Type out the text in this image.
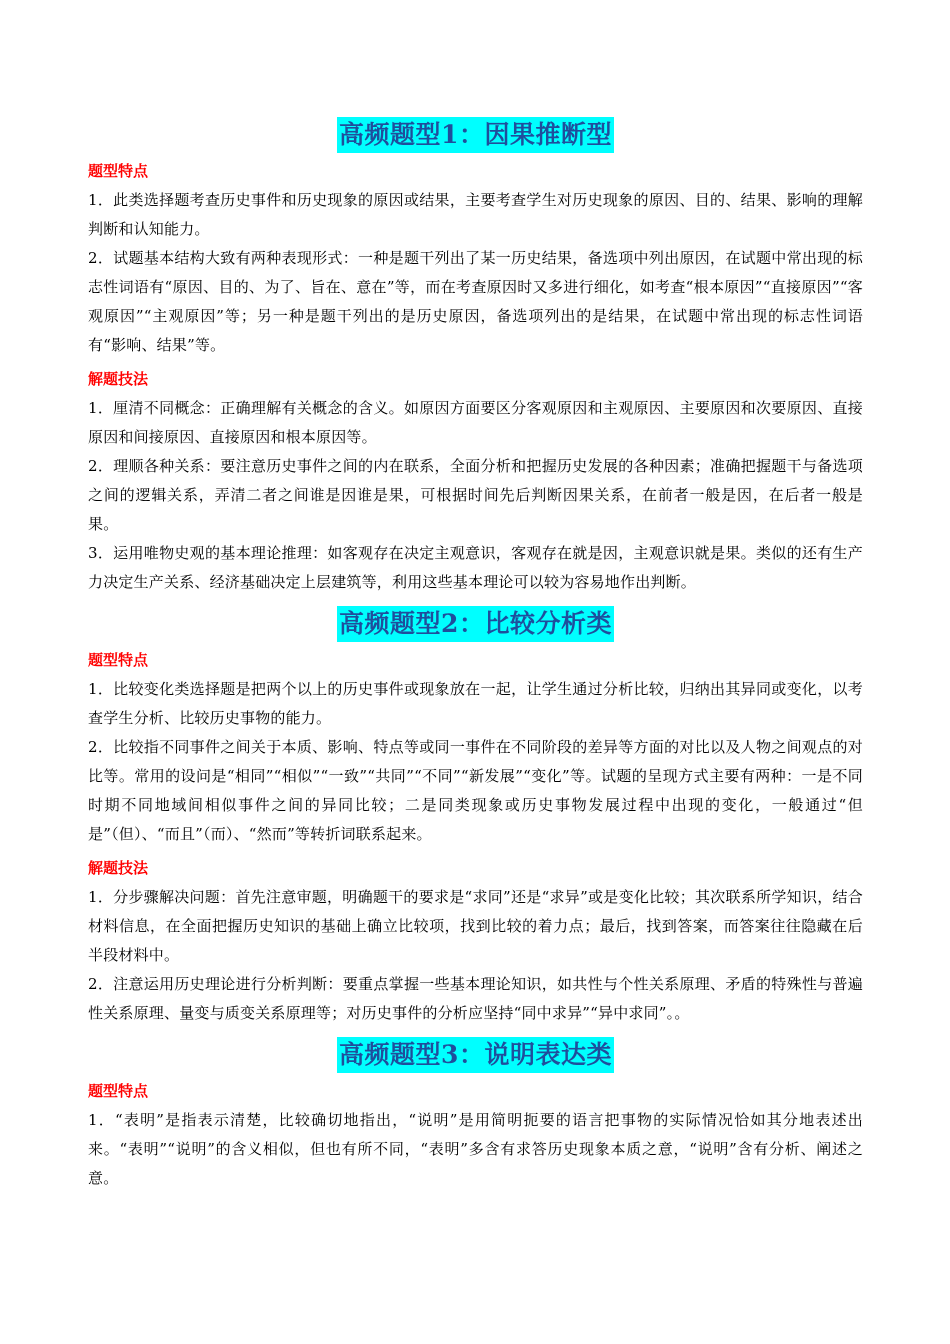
高频题型1：因果推断型
题型特点

1．此类选择题考查历史事件和历史现象的原因或结果，主要考查学生对历史现象的原因、目的、结果、影响的理解判断和认知能力。

2．试题基本结构大致有两种表现形式：一种是题干列出了某一历史结果，备选项中列出原因，在试题中常出现的标志性词语有“原因、目的、为了、旨在、意在”等，而在考查原因时又多进行细化，如考查“根本原因”“直接原因”“客观原因”“主观原因”等；另一种是题干列出的是历史原因，备选项列出的是结果，在试题中常出现的标志性词语有“影响、结果”等。

解题技法

1．厘清不同概念：正确理解有关概念的含义。如原因方面要区分客观原因和主观原因、主要原因和次要原因、直接原因和间接原因、直接原因和根本原因等。

2．理顺各种关系：要注意历史事件之间的内在联系，全面分析和把握历史发展的各种因素；准确把握题干与备选项之间的逻辑关系，弄清二者之间谁是因谁是果，可根据时间先后判断因果关系，在前者一般是因，在后者一般是果。

3．运用唯物史观的基本理论推理：如客观存在决定主观意识，客观存在就是因，主观意识就是果。类似的还有生产力决定生产关系、经济基础决定上层建筑等，利用这些基本理论可以较为容易地作出判断。

高频题型2：比较分析类
题型特点

1．比较变化类选择题是把两个以上的历史事件或现象放在一起，让学生通过分析比较，归纳出其异同或变化，以考查学生分析、比较历史事物的能力。

2．比较指不同事件之间关于本质、影响、特点等或同一事件在不同阶段的差异等方面的对比以及人物之间观点的对比等。常用的设问是“相同”“相似”“一致”“共同”“不同”“新发展”“变化”等。试题的呈现方式主要有两种：一是不同时期不同地域间相似事件之间的异同比较；二是同类现象或历史事物发展过程中出现的变化，一般通过“但是”（但）、“而且”（而）、“然而”等转折词联系起来。

解题技法

1．分步骤解决问题：首先注意审题，明确题干的要求是“求同”还是“求异”或是变化比较；其次联系所学知识，结合材料信息，在全面把握历史知识的基础上确立比较项，找到比较的着力点；最后，找到答案，而答案往往隐藏在后半段材料中。

2．注意运用历史理论进行分析判断：要重点掌握一些基本理论知识，如共性与个性关系原理、矛盾的特殊性与普遍性关系原理、量变与质变关系原理等；对历史事件的分析应坚持“同中求异”“异中求同”。。

高频题型3：说明表达类
题型特点

1．“表明”是指表示清楚，比较确切地指出，“说明”是用简明扼要的语言把事物的实际情况恰如其分地表述出来。“表明”“说明”的含义相似，但也有所不同，“表明”多含有求答历史现象本质之意，“说明”含有分析、阐述之意。
